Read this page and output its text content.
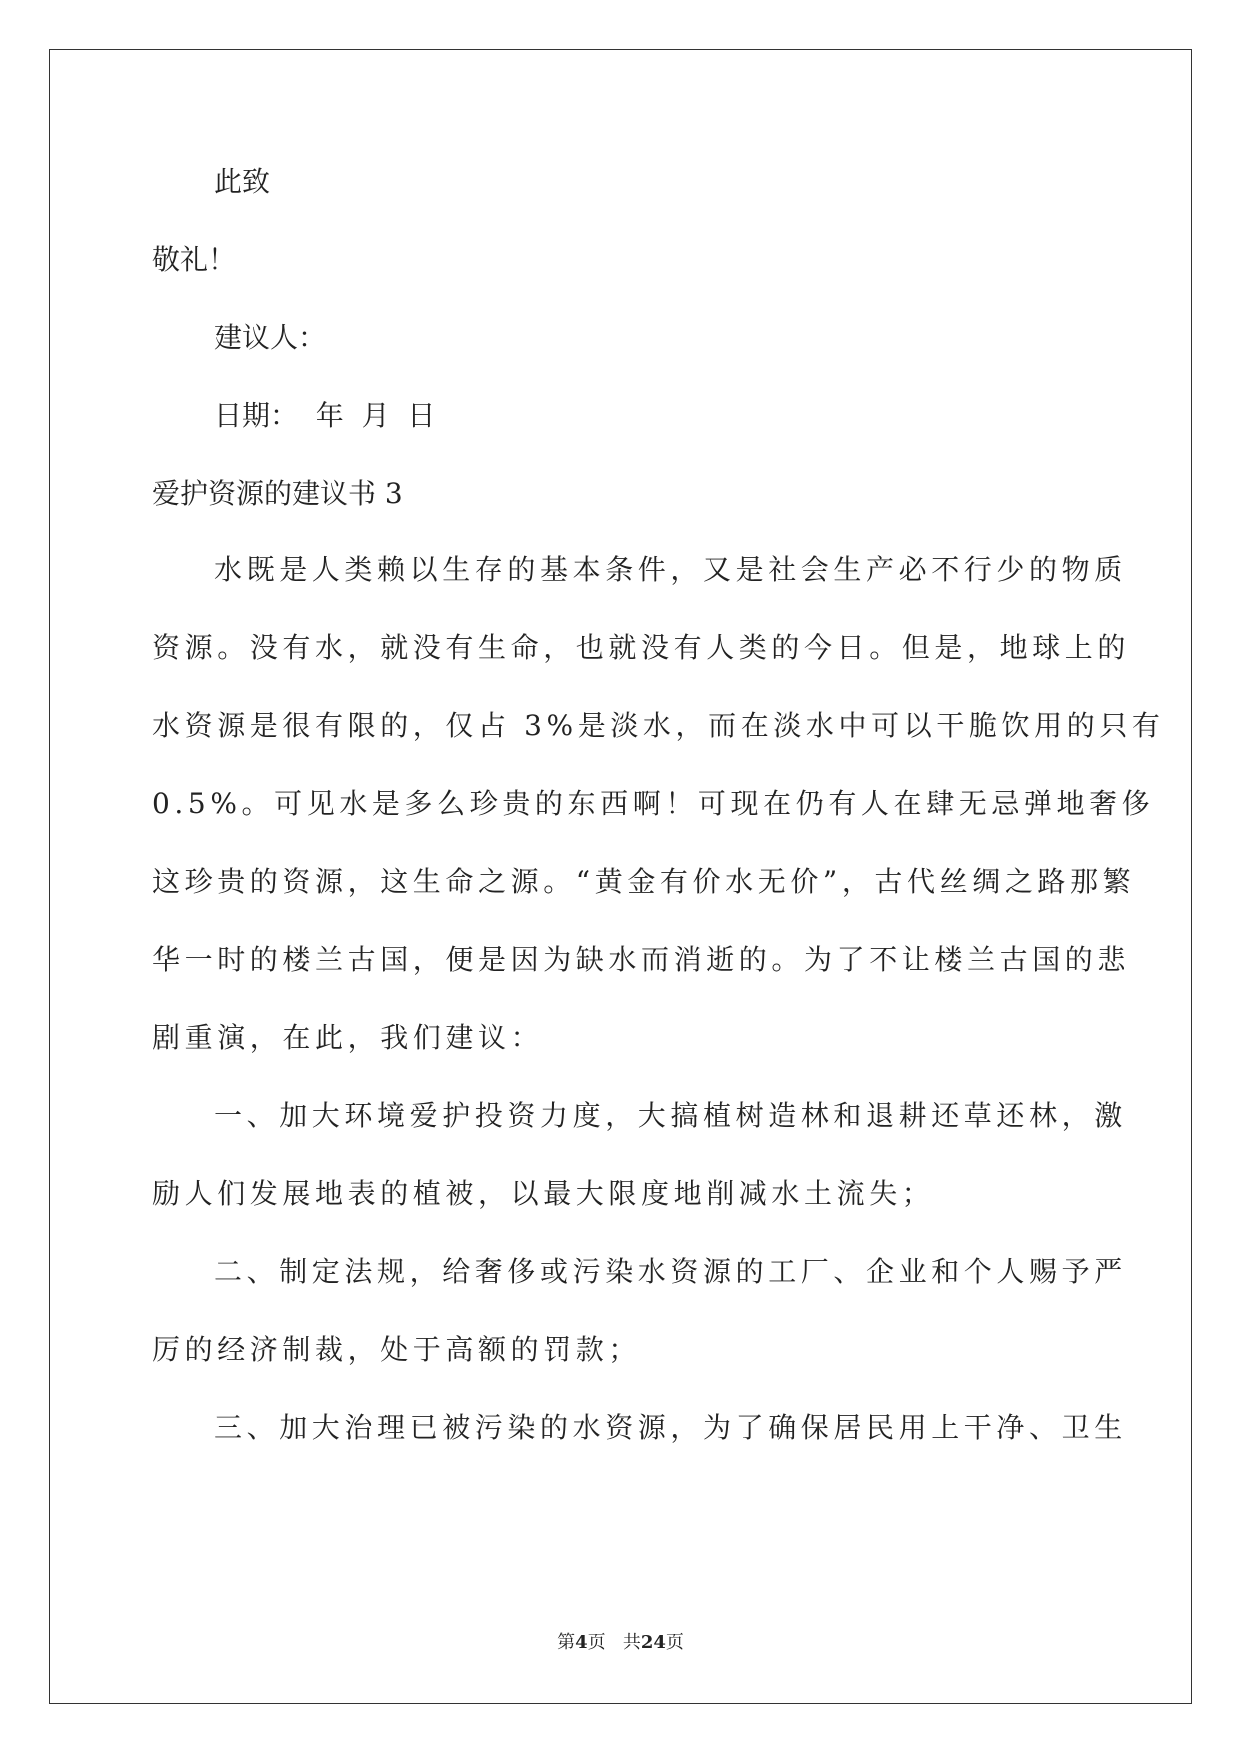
此致

敬礼！

建议人：

日期：  年  月  日

爱护资源的建议书 3

水既是人类赖以生存的基本条件，又是社会生产必不行少的物质
资源。没有水，就没有生命，也就没有人类的今日。但是，地球上的
水资源是很有限的，仅占 3%是淡水，而在淡水中可以干脆饮用的只有
0.5%。可见水是多么珍贵的东西啊！可现在仍有人在肆无忌弹地奢侈
这珍贵的资源，这生命之源。“黄金有价水无价”，古代丝绸之路那繁
华一时的楼兰古国，便是因为缺水而消逝的。为了不让楼兰古国的悲
剧重演，在此，我们建议：
一、加大环境爱护投资力度，大搞植树造林和退耕还草还林，激
励人们发展地表的植被，以最大限度地削减水土流失；
二、制定法规，给奢侈或污染水资源的工厂、企业和个人赐予严
厉的经济制裁，处于高额的罚款；
三、加大治理已被污染的水资源，为了确保居民用上干净、卫生
第4页 共24页
